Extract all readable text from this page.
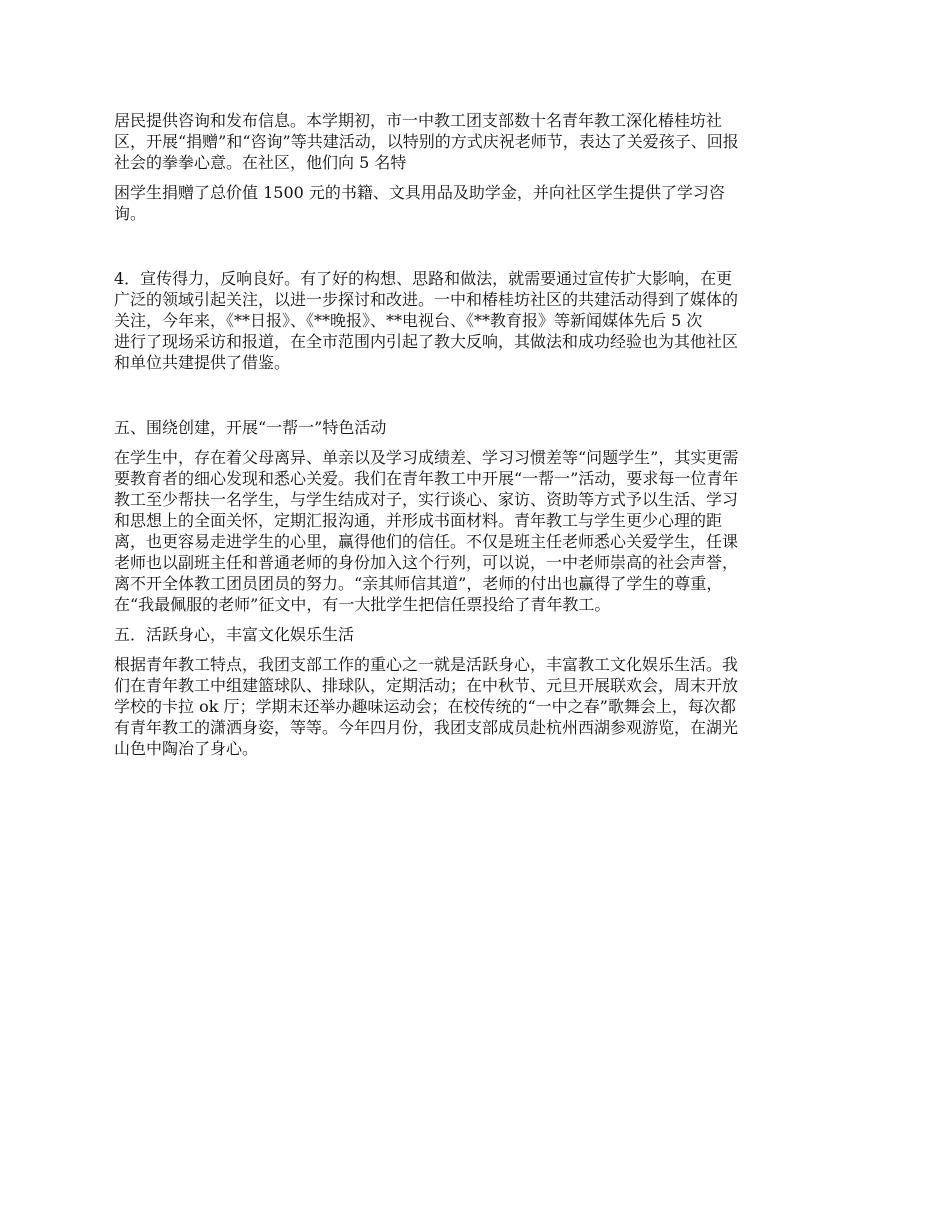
居民提供咨询和发布信息。本学期初，市一中教工团支部数十名青年教工深化椿桂坊社
区，开展“捐赠”和“咨询”等共建活动，以特别的方式庆祝老师节，表达了关爱孩子、回报
社会的拳拳心意。在社区，他们向 5 名特

困学生捐赠了总价值 1500 元的书籍、文具用品及助学金，并向社区学生提供了学习咨
询。

4．宣传得力，反响良好。有了好的构想、思路和做法，就需要通过宣传扩大影响，在更
广泛的领域引起关注，以进一步探讨和改进。一中和椿桂坊社区的共建活动得到了媒体的
关注，今年来，《**日报》、《**晚报》、**电视台、《**教育报》等新闻媒体先后 5 次
进行了现场采访和报道，在全市范围内引起了教大反响，其做法和成功经验也为其他社区
和单位共建提供了借鉴。

五、围绕创建，开展“一帮一”特色活动

在学生中，存在着父母离异、单亲以及学习成绩差、学习习惯差等“问题学生”，其实更需
要教育者的细心发现和悉心关爱。我们在青年教工中开展“一帮一”活动，要求每一位青年
教工至少帮扶一名学生，与学生结成对子，实行谈心、家访、资助等方式予以生活、学习
和思想上的全面关怀，定期汇报沟通，并形成书面材料。青年教工与学生更少心理的距
离，也更容易走进学生的心里，赢得他们的信任。不仅是班主任老师悉心关爱学生，任课
老师也以副班主任和普通老师的身份加入这个行列，可以说，一中老师崇高的社会声誉，
离不开全体教工团员团员的努力。“亲其师信其道”，老师的付出也赢得了学生的尊重，
在“我最佩服的老师”征文中，有一大批学生把信任票投给了青年教工。

五．活跃身心，丰富文化娱乐生活

根据青年教工特点，我团支部工作的重心之一就是活跃身心，丰富教工文化娱乐生活。我
们在青年教工中组建篮球队、排球队，定期活动；在中秋节、元旦开展联欢会，周末开放
学校的卡拉 ok 厅；学期末还举办趣味运动会；在校传统的“一中之春”歌舞会上，每次都
有青年教工的潇洒身姿，等等。今年四月份，我团支部成员赴杭州西湖参观游览，在湖光
山色中陶冶了身心。
